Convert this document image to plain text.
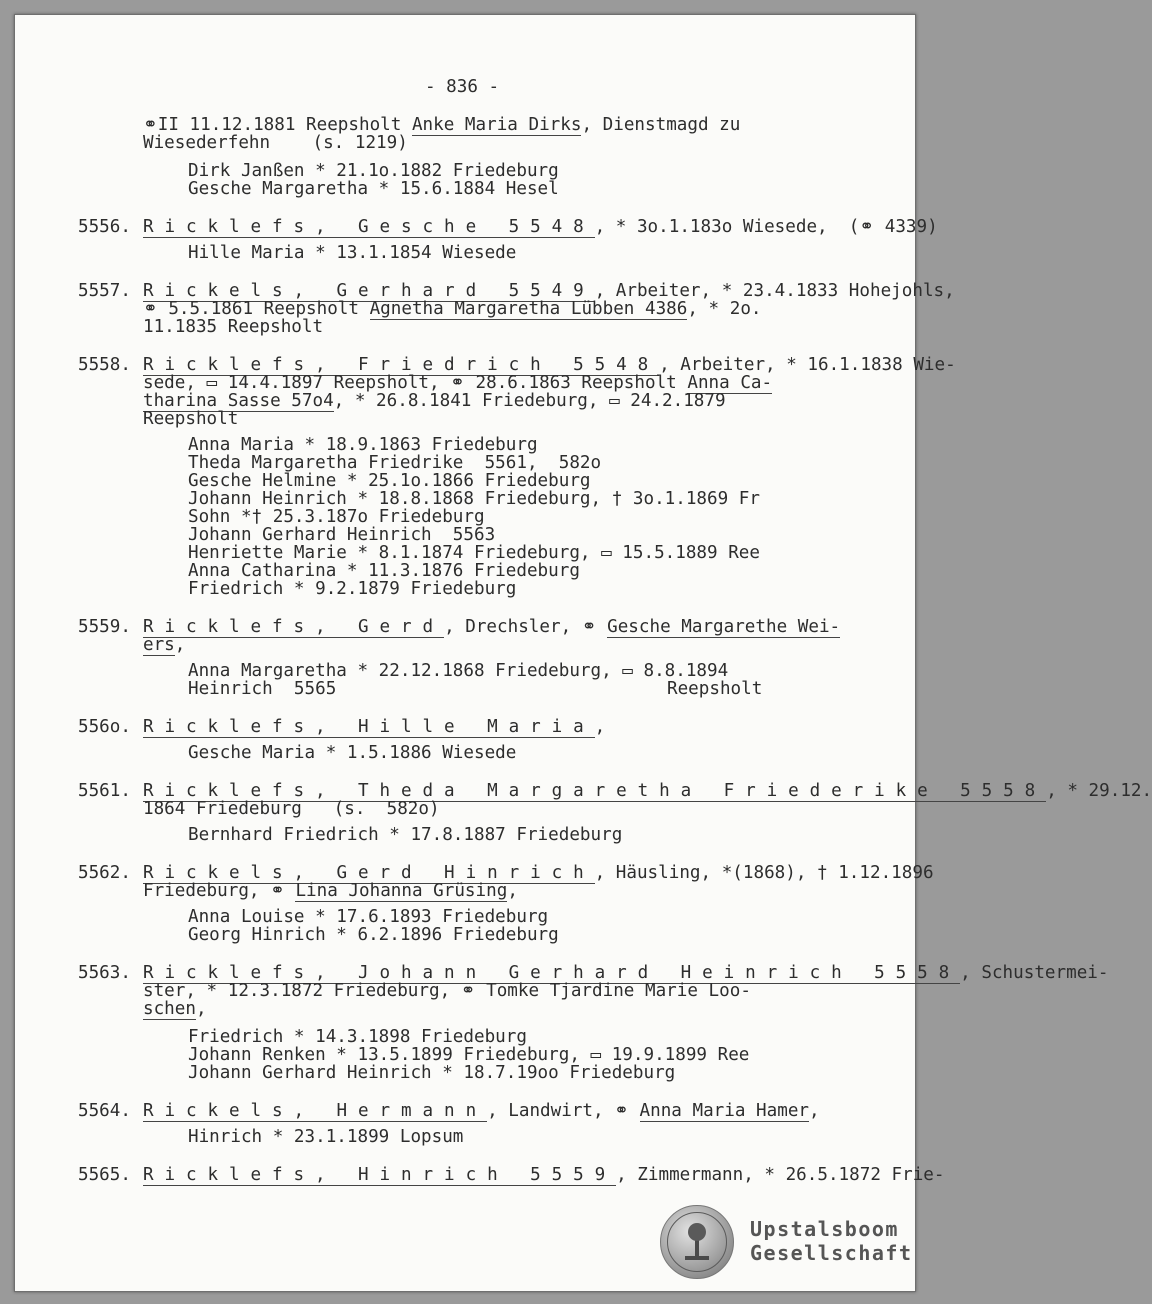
- 836 -
⚭II 11.12.1881 Reepsholt Anke Maria Dirks, Dienstmagd zu
Wiesederfehn    (s. 1219)
Dirk Janßen * 21.1o.1882 Friedeburg
Gesche Margaretha * 15.6.1884 Hesel
5556. Ricklefs, Gesche 5548, * 3o.1.183o Wiesede,  (⚭ 4339)
Hille Maria * 13.1.1854 Wiesede
5557. Rickels, Gerhard 5549, Arbeiter, * 23.4.1833 Hohejohls,
⚭ 5.5.1861 Reepsholt Agnetha Margaretha Lübben 4386, * 2o.
11.1835 Reepsholt
5558. Ricklefs, Friedrich 5548, Arbeiter, * 16.1.1838 Wie-
sede, ▭ 14.4.1897 Reepsholt, ⚭ 28.6.1863 Reepsholt Anna Ca-
tharina Sasse 57o4, * 26.8.1841 Friedeburg, ▭ 24.2.1879
Reepsholt
Anna Maria * 18.9.1863 Friedeburg
Theda Margaretha Friedrike  5561,  582o
Gesche Helmine * 25.1o.1866 Friedeburg
Johann Heinrich * 18.8.1868 Friedeburg, † 3o.1.1869 Fr
Sohn *† 25.3.187o Friedeburg
Johann Gerhard Heinrich  5563
Henriette Marie * 8.1.1874 Friedeburg, ▭ 15.5.1889 Ree
Anna Catharina * 11.3.1876 Friedeburg
Friedrich * 9.2.1879 Friedeburg
5559. Ricklefs, Gerd, Drechsler, ⚭ Gesche Margarethe Wei-
ers,
Anna Margaretha * 22.12.1868 Friedeburg, ▭ 8.8.1894
Heinrich  5565	Reepsholt
556o. Ricklefs, Hille Maria,
Gesche Maria * 1.5.1886 Wiesede
5561. Ricklefs, Theda Margaretha Friederike 5558, * 29.12.
1864 Friedeburg   (s.  582o)
Bernhard Friedrich * 17.8.1887 Friedeburg
5562. Rickels, Gerd Hinrich, Häusling, *(1868), † 1.12.1896
Friedeburg, ⚭ Lina Johanna Grüsing,
Anna Louise * 17.6.1893 Friedeburg
Georg Hinrich * 6.2.1896 Friedeburg
5563. Ricklefs, Johann Gerhard Heinrich 5558, Schustermei-
ster, * 12.3.1872 Friedeburg, ⚭ Tomke Tjardine Marie Loo-
schen,
Friedrich * 14.3.1898 Friedeburg
Johann Renken * 13.5.1899 Friedeburg, ▭ 19.9.1899 Ree
Johann Gerhard Heinrich * 18.7.19oo Friedeburg
5564. Rickels, Hermann, Landwirt, ⚭ Anna Maria Hamer,
Hinrich * 23.1.1899 Lopsum
5565. Ricklefs, Hinrich 5559, Zimmermann, * 26.5.1872 Frie-
Upstalsboom
Gesellschaft
